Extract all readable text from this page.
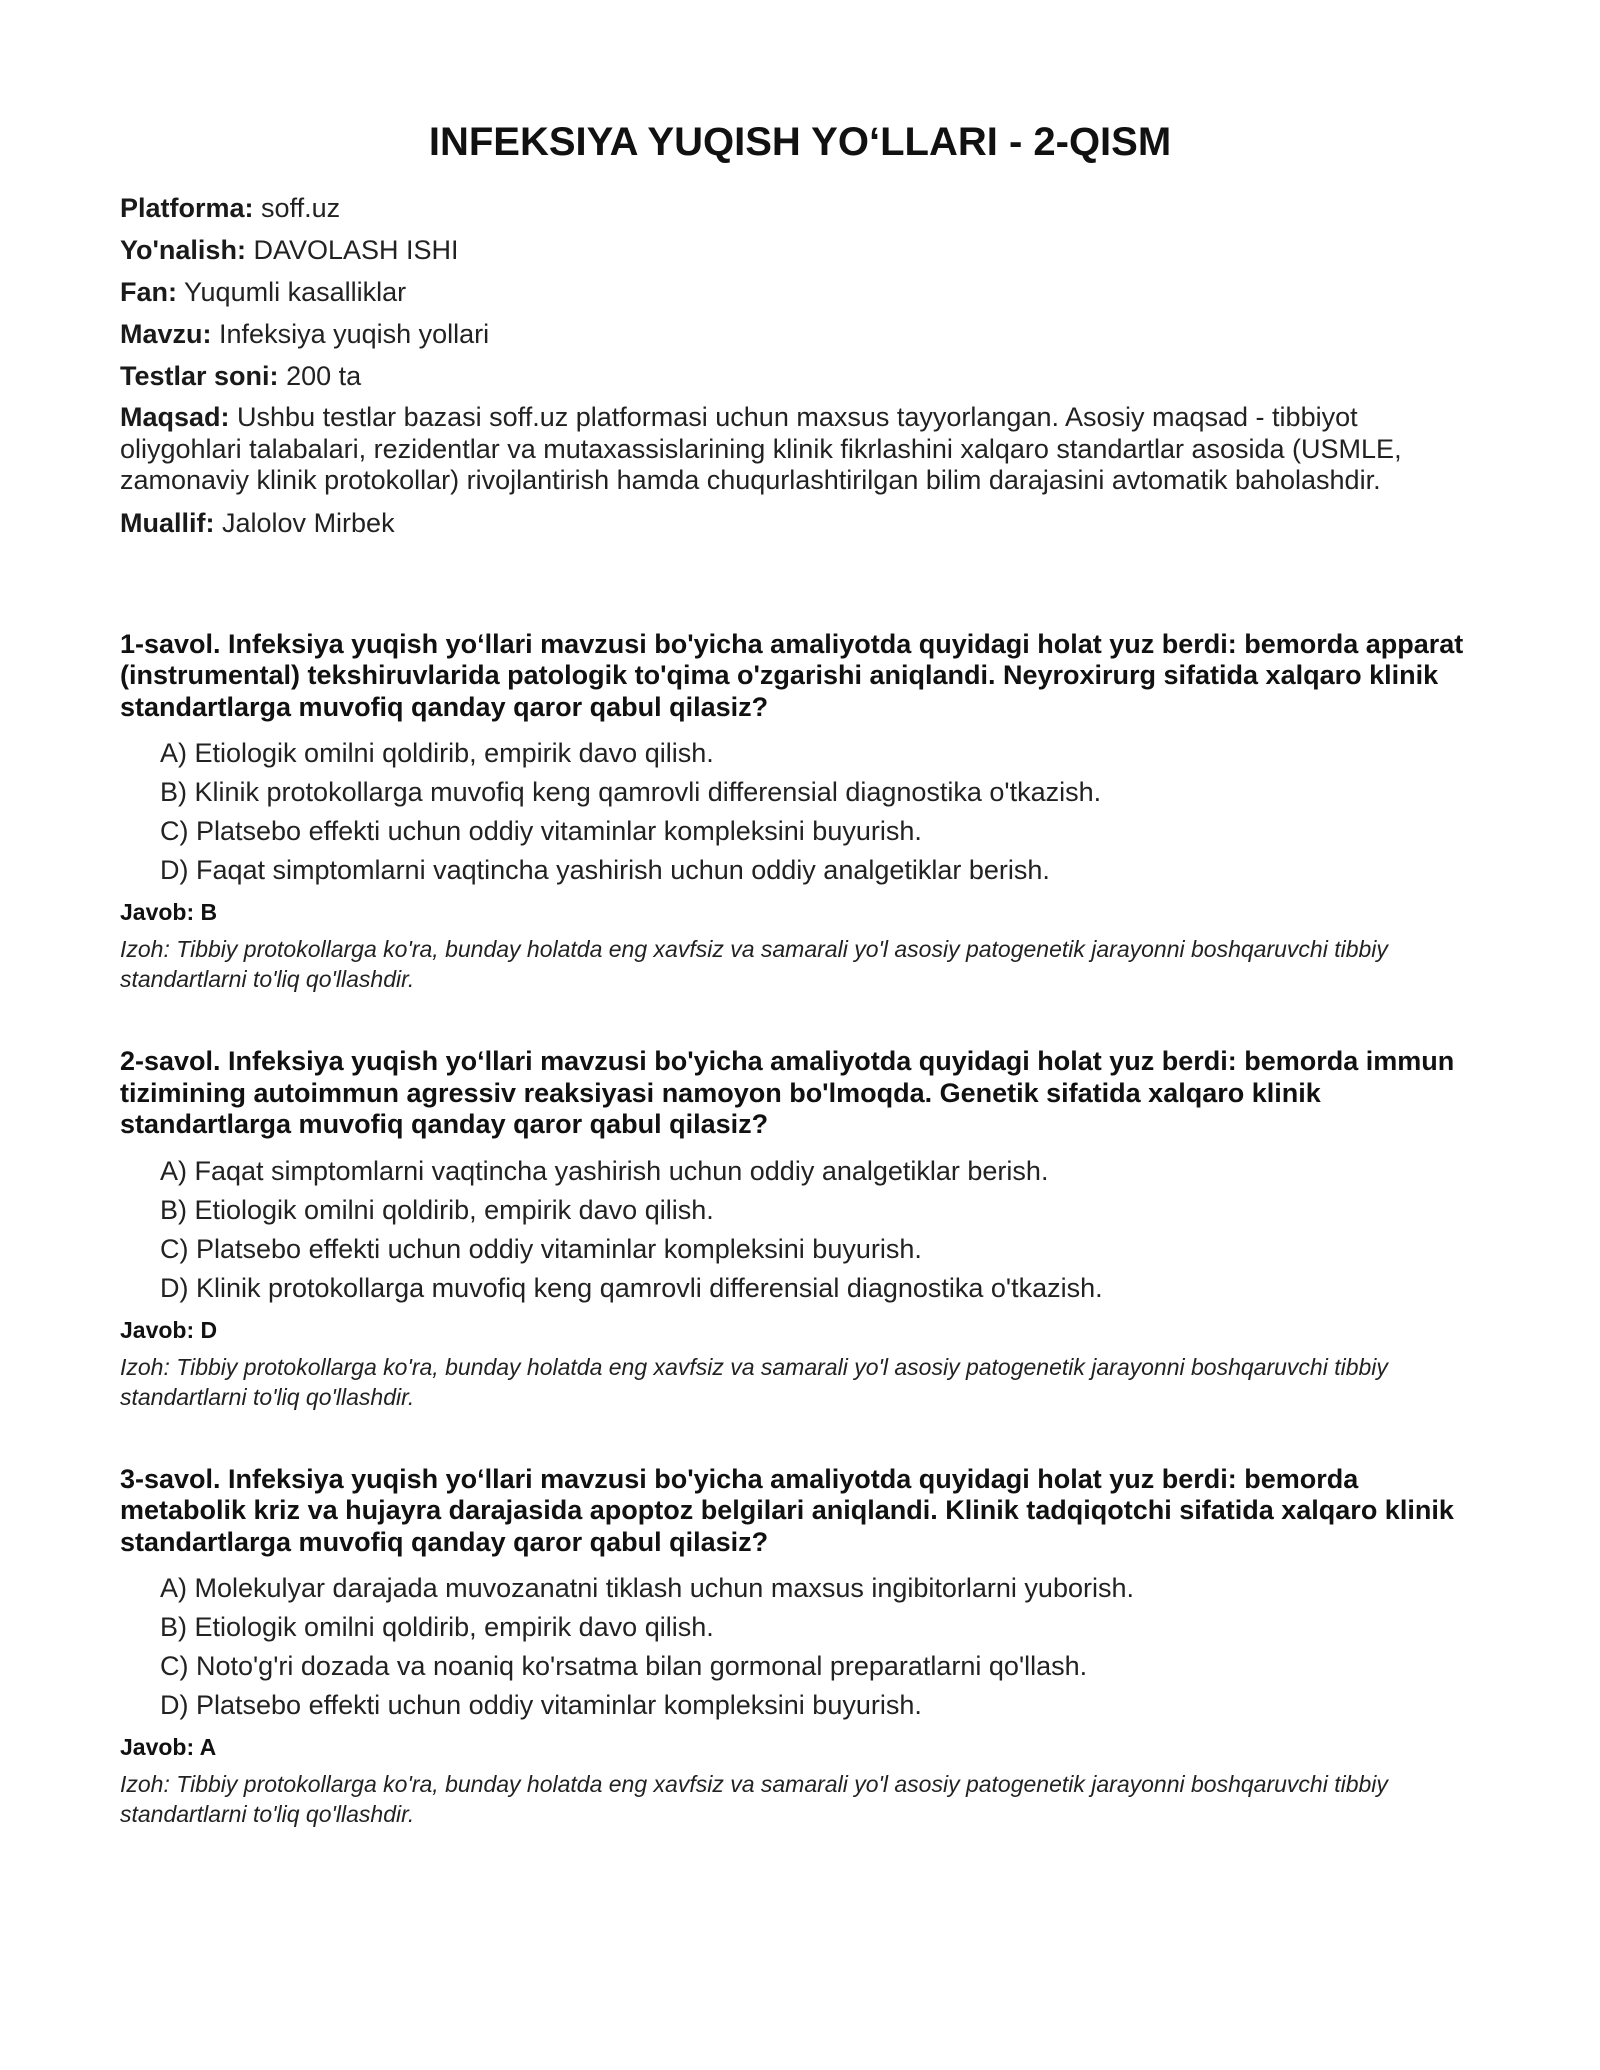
INFEKSIYA YUQISH YO‘LLARI - 2-QISM
Platforma: soff.uz
Yo'nalish: DAVOLASH ISHI
Fan: Yuqumli kasalliklar
Mavzu: Infeksiya yuqish yollari
Testlar soni: 200 ta
Maqsad: Ushbu testlar bazasi soff.uz platformasi uchun maxsus tayyorlangan. Asosiy maqsad - tibbiyot oliygohlari talabalari, rezidentlar va mutaxassislarining klinik fikrlashini xalqaro standartlar asosida (USMLE, zamonaviy klinik protokollar) rivojlantirish hamda chuqurlashtirilgan bilim darajasini avtomatik baholashdir.
Muallif: Jalolov Mirbek

1-savol. Infeksiya yuqish yo‘llari mavzusi bo'yicha amaliyotda quyidagi holat yuz berdi: bemorda apparat (instrumental) tekshiruvlarida patologik to'qima o'zgarishi aniqlandi. Neyroxirurg sifatida xalqaro klinik standartlarga muvofiq qanday qaror qabul qilasiz?

A) Etiologik omilni qoldirib, empirik davo qilish.
B) Klinik protokollarga muvofiq keng qamrovli differensial diagnostika o'tkazish.
C) Platsebo effekti uchun oddiy vitaminlar kompleksini buyurish.
D) Faqat simptomlarni vaqtincha yashirish uchun oddiy analgetiklar berish.

Javob: B

Izoh: Tibbiy protokollarga ko'ra, bunday holatda eng xavfsiz va samarali yo'l asosiy patogenetik jarayonni boshqaruvchi tibbiy standartlarni to'liq qo'llashdir.

2-savol. Infeksiya yuqish yo‘llari mavzusi bo'yicha amaliyotda quyidagi holat yuz berdi: bemorda immun tizimining autoimmun agressiv reaksiyasi namoyon bo'lmoqda. Genetik sifatida xalqaro klinik standartlarga muvofiq qanday qaror qabul qilasiz?

A) Faqat simptomlarni vaqtincha yashirish uchun oddiy analgetiklar berish.
B) Etiologik omilni qoldirib, empirik davo qilish.
C) Platsebo effekti uchun oddiy vitaminlar kompleksini buyurish.
D) Klinik protokollarga muvofiq keng qamrovli differensial diagnostika o'tkazish.

Javob: D

Izoh: Tibbiy protokollarga ko'ra, bunday holatda eng xavfsiz va samarali yo'l asosiy patogenetik jarayonni boshqaruvchi tibbiy standartlarni to'liq qo'llashdir.

3-savol. Infeksiya yuqish yo‘llari mavzusi bo'yicha amaliyotda quyidagi holat yuz berdi: bemorda metabolik kriz va hujayra darajasida apoptoz belgilari aniqlandi. Klinik tadqiqotchi sifatida xalqaro klinik standartlarga muvofiq qanday qaror qabul qilasiz?

A) Molekulyar darajada muvozanatni tiklash uchun maxsus ingibitorlarni yuborish.
B) Etiologik omilni qoldirib, empirik davo qilish.
C) Noto'g'ri dozada va noaniq ko'rsatma bilan gormonal preparatlarni qo'llash.
D) Platsebo effekti uchun oddiy vitaminlar kompleksini buyurish.

Javob: A

Izoh: Tibbiy protokollarga ko'ra, bunday holatda eng xavfsiz va samarali yo'l asosiy patogenetik jarayonni boshqaruvchi tibbiy standartlarni to'liq qo'llashdir.
